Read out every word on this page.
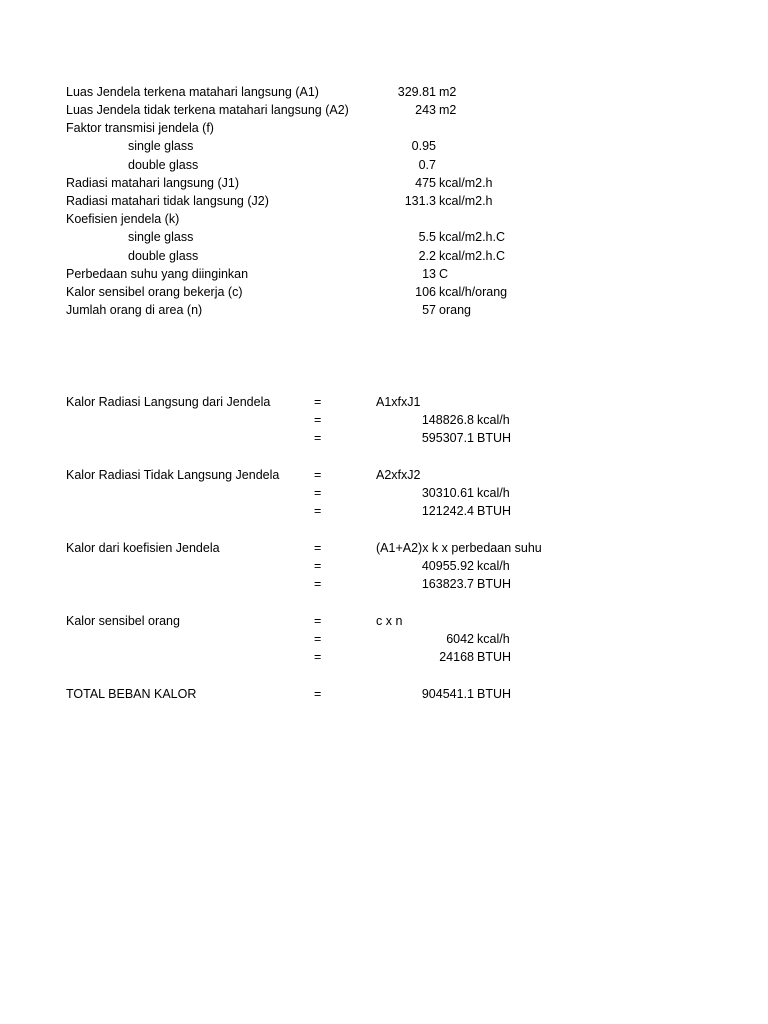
Luas Jendela terkena matahari langsung (A1)	329.81 m2
Luas Jendela tidak terkena matahari langsung (A2)	243 m2
Faktor transmisi jendela (f)
single glass	0.95
double glass	0.7
Radiasi matahari langsung (J1)	475 kcal/m2.h
Radiasi matahari tidak langsung (J2)	131.3 kcal/m2.h
Koefisien jendela (k)
single glass	5.5 kcal/m2.h.C
double glass	2.2 kcal/m2.h.C
Perbedaan suhu yang diinginkan	13 C
Kalor sensibel orang bekerja (c)	106 kcal/h/orang
Jumlah orang di area (n)	57 orang
Kalor Radiasi Langsung dari Jendela	=	A1xfxJ1
=	148826.8 kcal/h
=	595307.1 BTUH
Kalor Radiasi Tidak Langsung Jendela	=	A2xfxJ2
=	30310.61 kcal/h
=	121242.4 BTUH
Kalor dari koefisien Jendela	=	(A1+A2)x k x perbedaan suhu
=	40955.92 kcal/h
=	163823.7 BTUH
Kalor sensibel orang	=	c x n
=	6042 kcal/h
=	24168 BTUH
TOTAL BEBAN KALOR	=	904541.1 BTUH
